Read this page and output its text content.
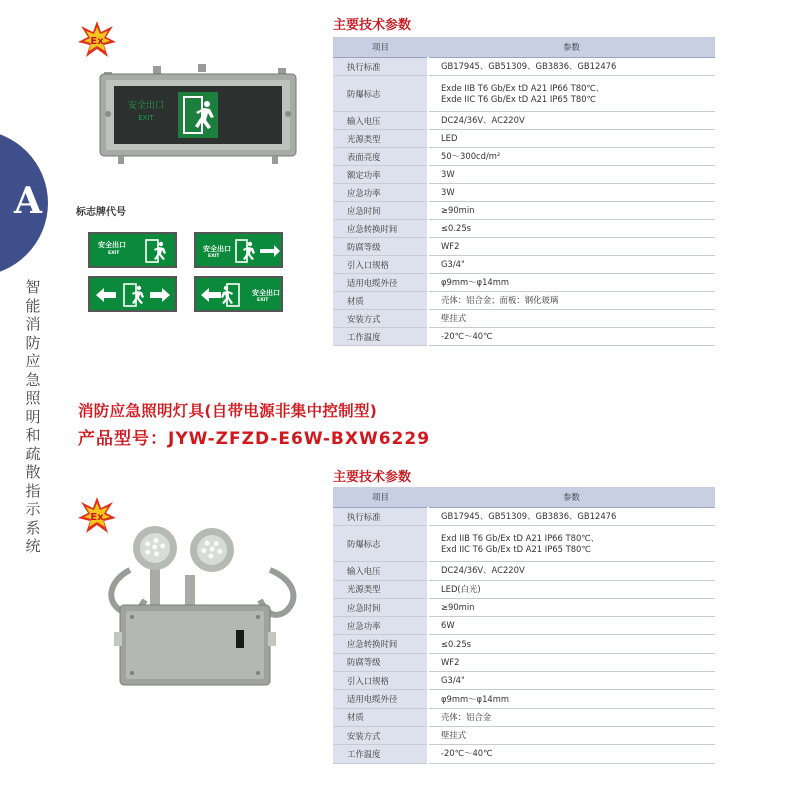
A
智能消防应急照明和疏散指示系统
Ex
Ex
安全出口
EXIT
标志牌代号
安全出口
EXIT
安全出口
EXIT
安全出口
EXIT
主要技术参数
项目	参数
执行标准	GB17945、GB51309、GB3836、GB12476

防爆标志	Exde IIB T6 Gb/Ex tD A21 IP66 T80℃、
Exde IIC T6 Gb/Ex tD A21 IP65 T80℃

输入电压	DC24/36V、AC220V

光源类型	LED

表面亮度	50～300cd/m²

额定功率	3W

应急功率	3W

应急时间	≥90min

应急转换时间	≤0.25s

防腐等级	WF2

引入口规格	G3/4"

适用电缆外径	φ9mm～φ14mm

材质	壳体：铝合金；面板：钢化玻璃

安装方式	壁挂式

工作温度	-20℃～40℃
消防应急照明灯具(自带电源非集中控制型)
产品型号：JYW-ZFZD-E6W-BXW6229
主要技术参数
项目	参数
执行标准	GB17945、GB51309、GB3836、GB12476

防爆标志	Exd IIB T6 Gb/Ex tD A21 IP66 T80℃、
Exd IIC T6 Gb/Ex tD A21 IP65 T80℃

输入电压	DC24/36V、AC220V

光源类型	LED(白光)

应急时间	≥90min

应急功率	6W

应急转换时间	≤0.25s

防腐等级	WF2

引入口规格	G3/4"

适用电缆外径	φ9mm～φ14mm

材质	壳体：铝合金

安装方式	壁挂式

工作温度	-20℃～40℃
